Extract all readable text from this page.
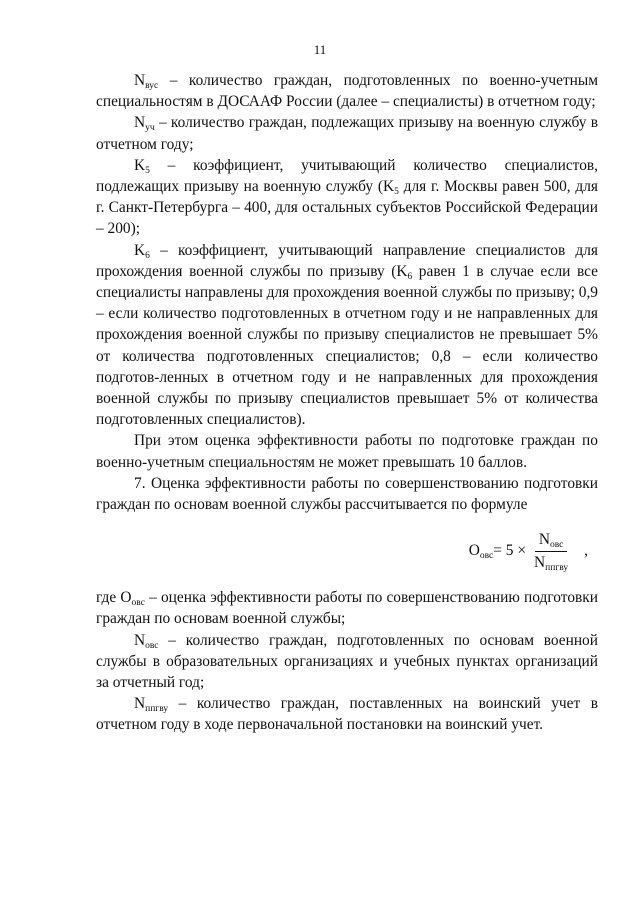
11

$N_{вус}$ – количество граждан, подготовленных по военно-учетным специальностям в ДОСААФ России (далее – специалисты) в отчетном году;

$N_{уч}$ – количество граждан, подлежащих призыву на военную службу в отчетном году;

$K_5$ – коэффициент, учитывающий количество специалистов, подлежащих призыву на военную службу ($K_5$ для г. Москвы равен 500, для г. Санкт-Петербурга – 400, для остальных субъектов Российской Федерации – 200);

$K_6$ – коэффициент, учитывающий направление специалистов для прохождения военной службы по призыву ($K_6$ равен 1 в случае если все специалисты направлены для прохождения военной службы по призыву; 0,9 – если количество подготовленных в отчетном году и не направленных для прохождения военной службы по призыву специалистов не превышает 5% от количества подготовленных специалистов; 0,8 – если количество подготов-ленных в отчетном году и не направленных для прохождения военной службы по призыву специалистов превышает 5% от количества подготовленных специалистов).

При этом оценка эффективности работы по подготовке граждан по военно-учетным специальностям не может превышать 10 баллов.

7. Оценка эффективности работы по совершенствованию подготовки граждан по основам военной службы рассчитывается по формуле

$O_{овс} = 5 \times \frac{N_{овс}}{N_{ппгву}}$ ,

где $O_{овс}$ – оценка эффективности работы по совершенствованию подготовки граждан по основам военной службы;

$N_{овс}$ – количество граждан, подготовленных по основам военной службы в образовательных организациях и учебных пунктах организаций за отчетный год;

$N_{ппгву}$ – количество граждан, поставленных на воинский учет в отчетном году в ходе первоначальной постановки на воинский учет.
